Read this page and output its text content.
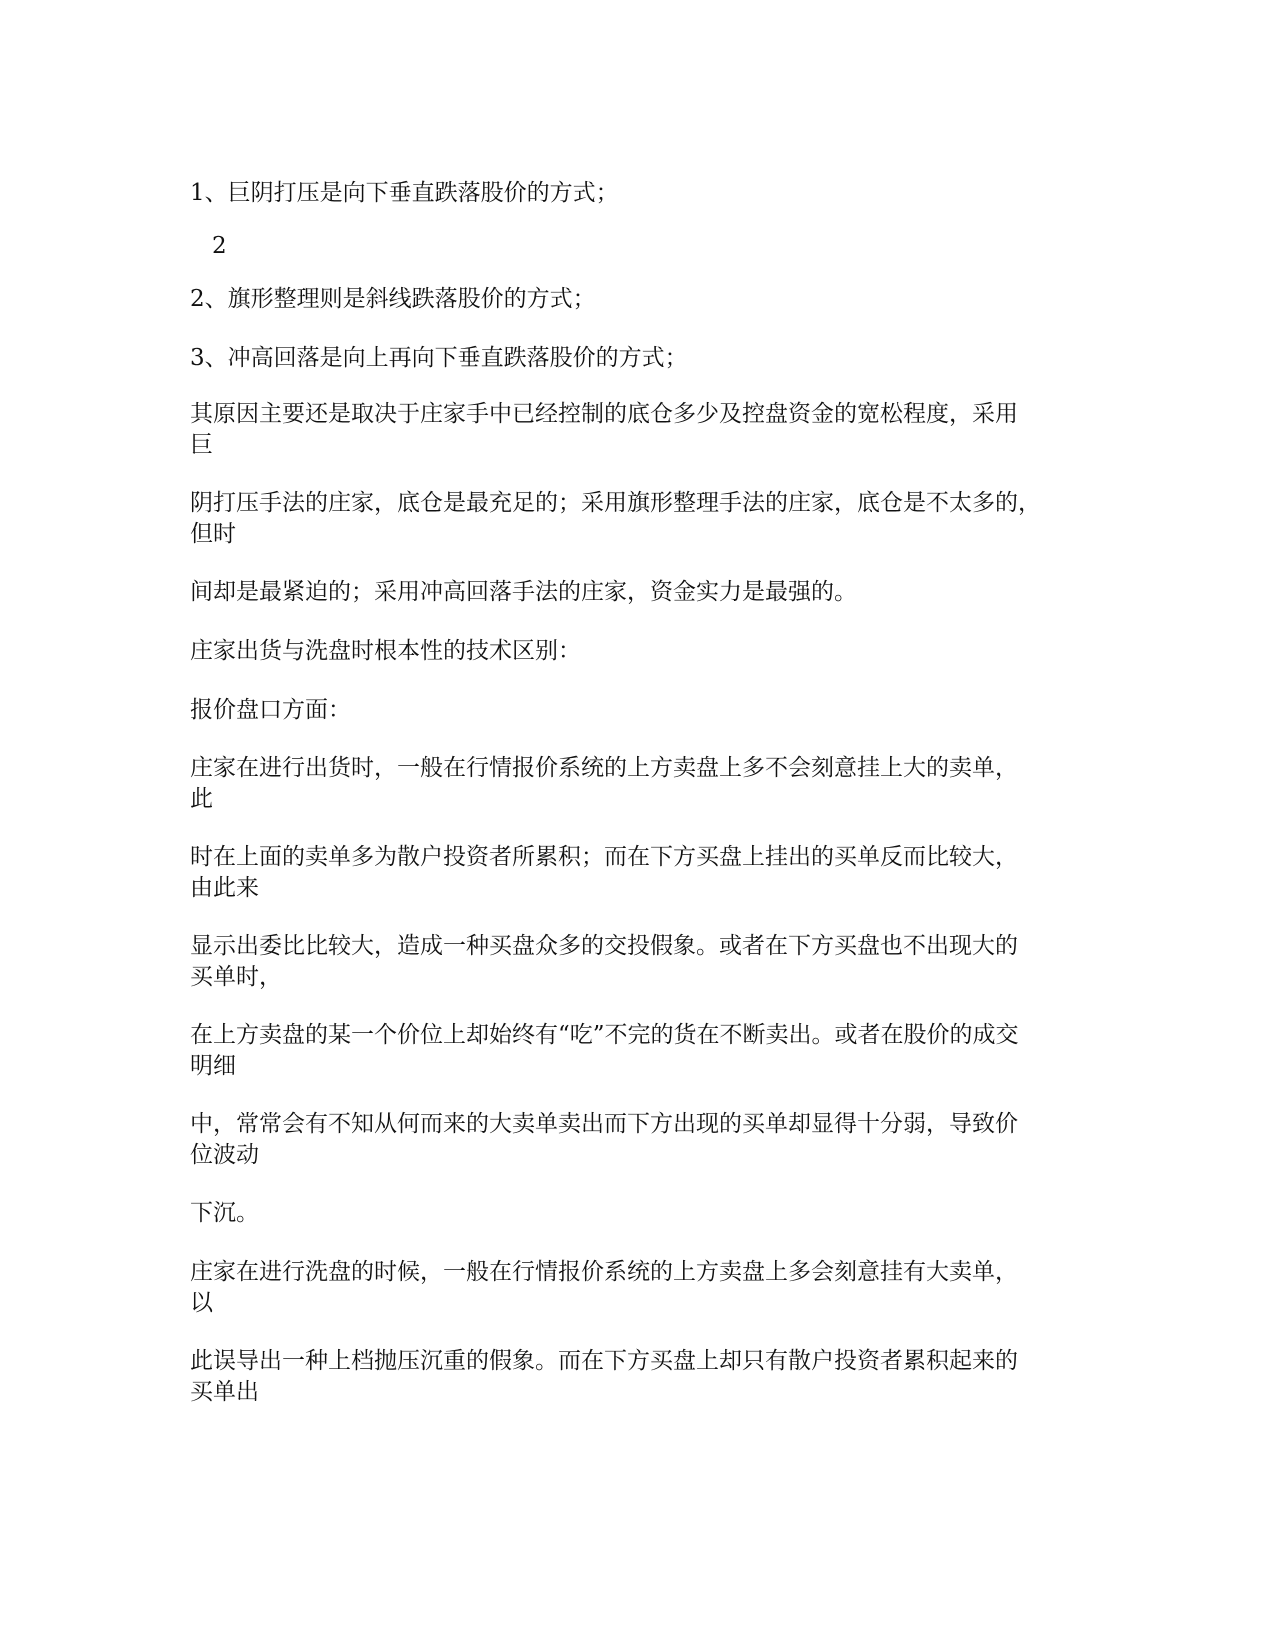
1、巨阴打压是向下垂直跌落股价的方式；
2
2、旗形整理则是斜线跌落股价的方式；
3、冲高回落是向上再向下垂直跌落股价的方式；
其原因主要还是取决于庄家手中已经控制的底仓多少及控盘资金的宽松程度，采用
巨
阴打压手法的庄家，底仓是最充足的；采用旗形整理手法的庄家，底仓是不太多的，
但时
间却是最紧迫的；采用冲高回落手法的庄家，资金实力是最强的。
庄家出货与洗盘时根本性的技术区别：
报价盘口方面：
庄家在进行出货时，一般在行情报价系统的上方卖盘上多不会刻意挂上大的卖单，
此
时在上面的卖单多为散户投资者所累积；而在下方买盘上挂出的买单反而比较大，
由此来
显示出委比比较大，造成一种买盘众多的交投假象。或者在下方买盘也不出现大的
买单时，
在上方卖盘的某一个价位上却始终有“吃”不完的货在不断卖出。或者在股价的成交
明细
中，常常会有不知从何而来的大卖单卖出而下方出现的买单却显得十分弱，导致价
位波动
下沉。
庄家在进行洗盘的时候，一般在行情报价系统的上方卖盘上多会刻意挂有大卖单，
以
此误导出一种上档抛压沉重的假象。而在下方买盘上却只有散户投资者累积起来的
买单出
